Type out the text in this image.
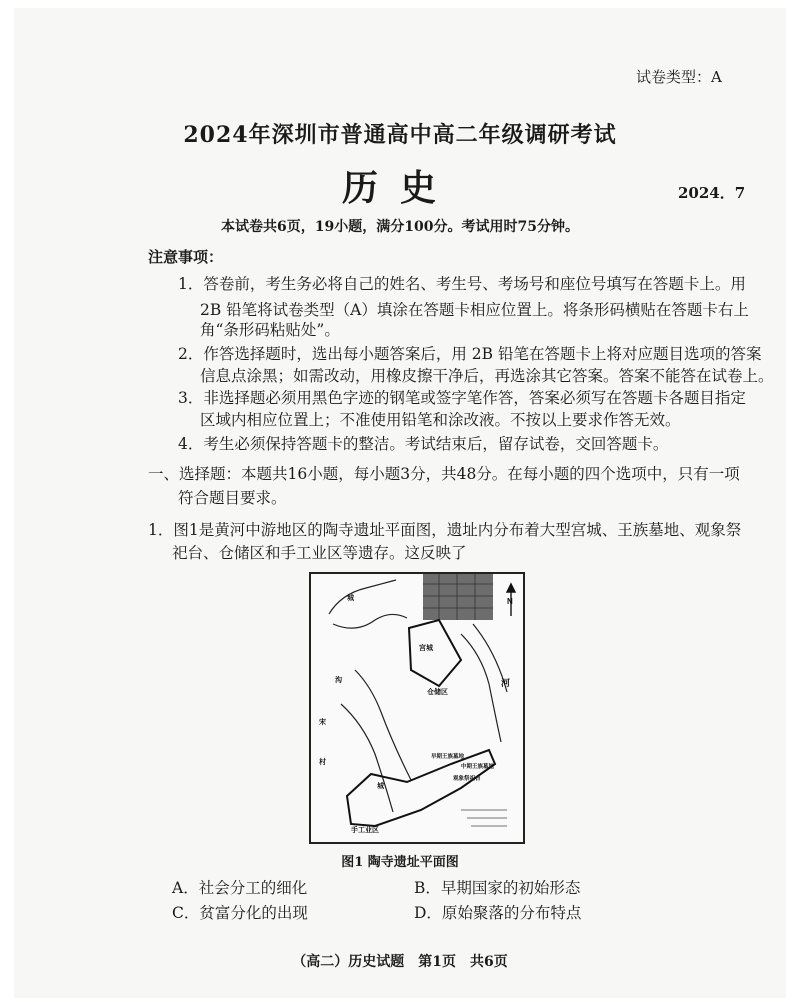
试卷类型：A
2024年深圳市普通高中高二年级调研考试
历史	2024．7
本试卷共6页，19小题，满分100分。考试用时75分钟。
注意事项：
1．答卷前，考生务必将自己的姓名、考生号、考场号和座位号填写在答题卡上。用
2B 铅笔将试卷类型（A）填涂在答题卡相应位置上。将条形码横贴在答题卡右上
角“条形码粘贴处”。
2．作答选择题时，选出每小题答案后，用 2B 铅笔在答题卡上将对应题目选项的答案
信息点涂黑；如需改动，用橡皮擦干净后，再选涂其它答案。答案不能答在试卷上。
3．非选择题必须用黑色字迹的钢笔或签字笔作答，答案必须写在答题卡各题目指定
区域内相应位置上；不准使用铅笔和涂改液。不按以上要求作答无效。
4．考生必须保持答题卡的整洁。考试结束后，留存试卷，交回答题卡。
一、选择题：本题共16小题，每小题3分，共48分。在每小题的四个选项中，只有一项
符合题目要求。
1．图1是黄河中游地区的陶寺遗址平面图，遗址内分布着大型宫城、王族墓地、观象祭
祀台、仓储区和手工业区等遗存。这反映了
N
宫城
仓储区
早期王族墓地
中期王族墓地
观象祭祀台
手工业区
河
宋
村
城
城
沟
图1 陶寺遗址平面图
A．社会分工的细化	B．早期国家的初始形态
C．贫富分化的出现	D．原始聚落的分布特点
（高二）历史试题　第1页　共6页
